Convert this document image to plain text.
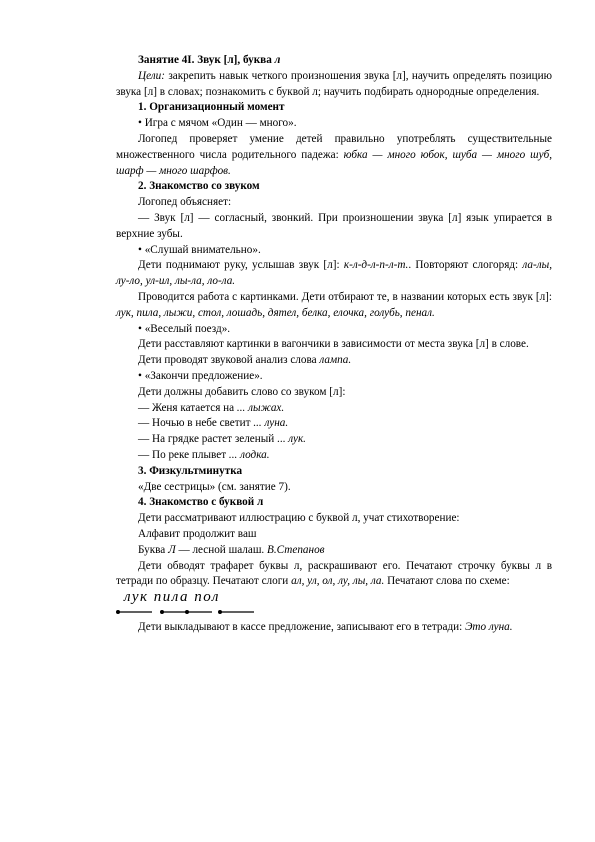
Занятие 4I. Звук [л], буква л

Цели: закрепить навык четкого произношения звука [л], научить определять позицию звука [л] в словах; познакомить с буквой л; научить подбирать однородные определения.

1. Организационный момент

• Игра с мячом «Один — много».

Логопед проверяет умение детей правильно употреблять существительные множественного числа родительного падежа: юбка — много юбок, шуба — много шуб, шарф — много шарфов.

2. Знакомство со звуком

Логопед объясняет:

— Звук [л] — согласный, звонкий. При произношении звука [л] язык упирается в верхние зубы.

• «Слушай внимательно».

Дети поднимают руку, услышав звук [л]: к-л-д-л-п-л-т.. Повторяют слогоряд: ла-лы, лу-ло, ул-ил, лы-ла, ло-ла.

Проводится работа с картинками. Дети отбирают те, в названии которых есть звук [л]: лук, пила, лыжи, стол, лошадь, дятел, белка, елочка, голубь, пенал.

• «Веселый поезд».

Дети расставляют картинки в вагончики в зависимости от места звука [л] в слове.

Дети проводят звуковой анализ слова лампа.

• «Закончи предложение».

Дети должны добавить слово со звуком [л]:

— Женя катается на ... лыжах.

— Ночью в небе светит ... луна.

— На грядке растет зеленый ... лук.

— По реке плывет ... лодка.

3. Физкультминутка

«Две сестрицы» (см. занятие 7).

4. Знакомство с буквой л

Дети рассматривают иллюстрацию с буквой л, учат стихотворение:

Алфавит продолжит ваш

Буква Л — лесной шалаш. В.Степанов

Дети обводят трафарет буквы л, раскрашивают его. Печатают строчку буквы л в тетради по образцу. Печатают слоги ал, ул, ол, лу, лы, ла. Печатают слова по схеме:

лук пила пол

Дети выкладывают в кассе предложение, записывают его в тетради: Это луна.
